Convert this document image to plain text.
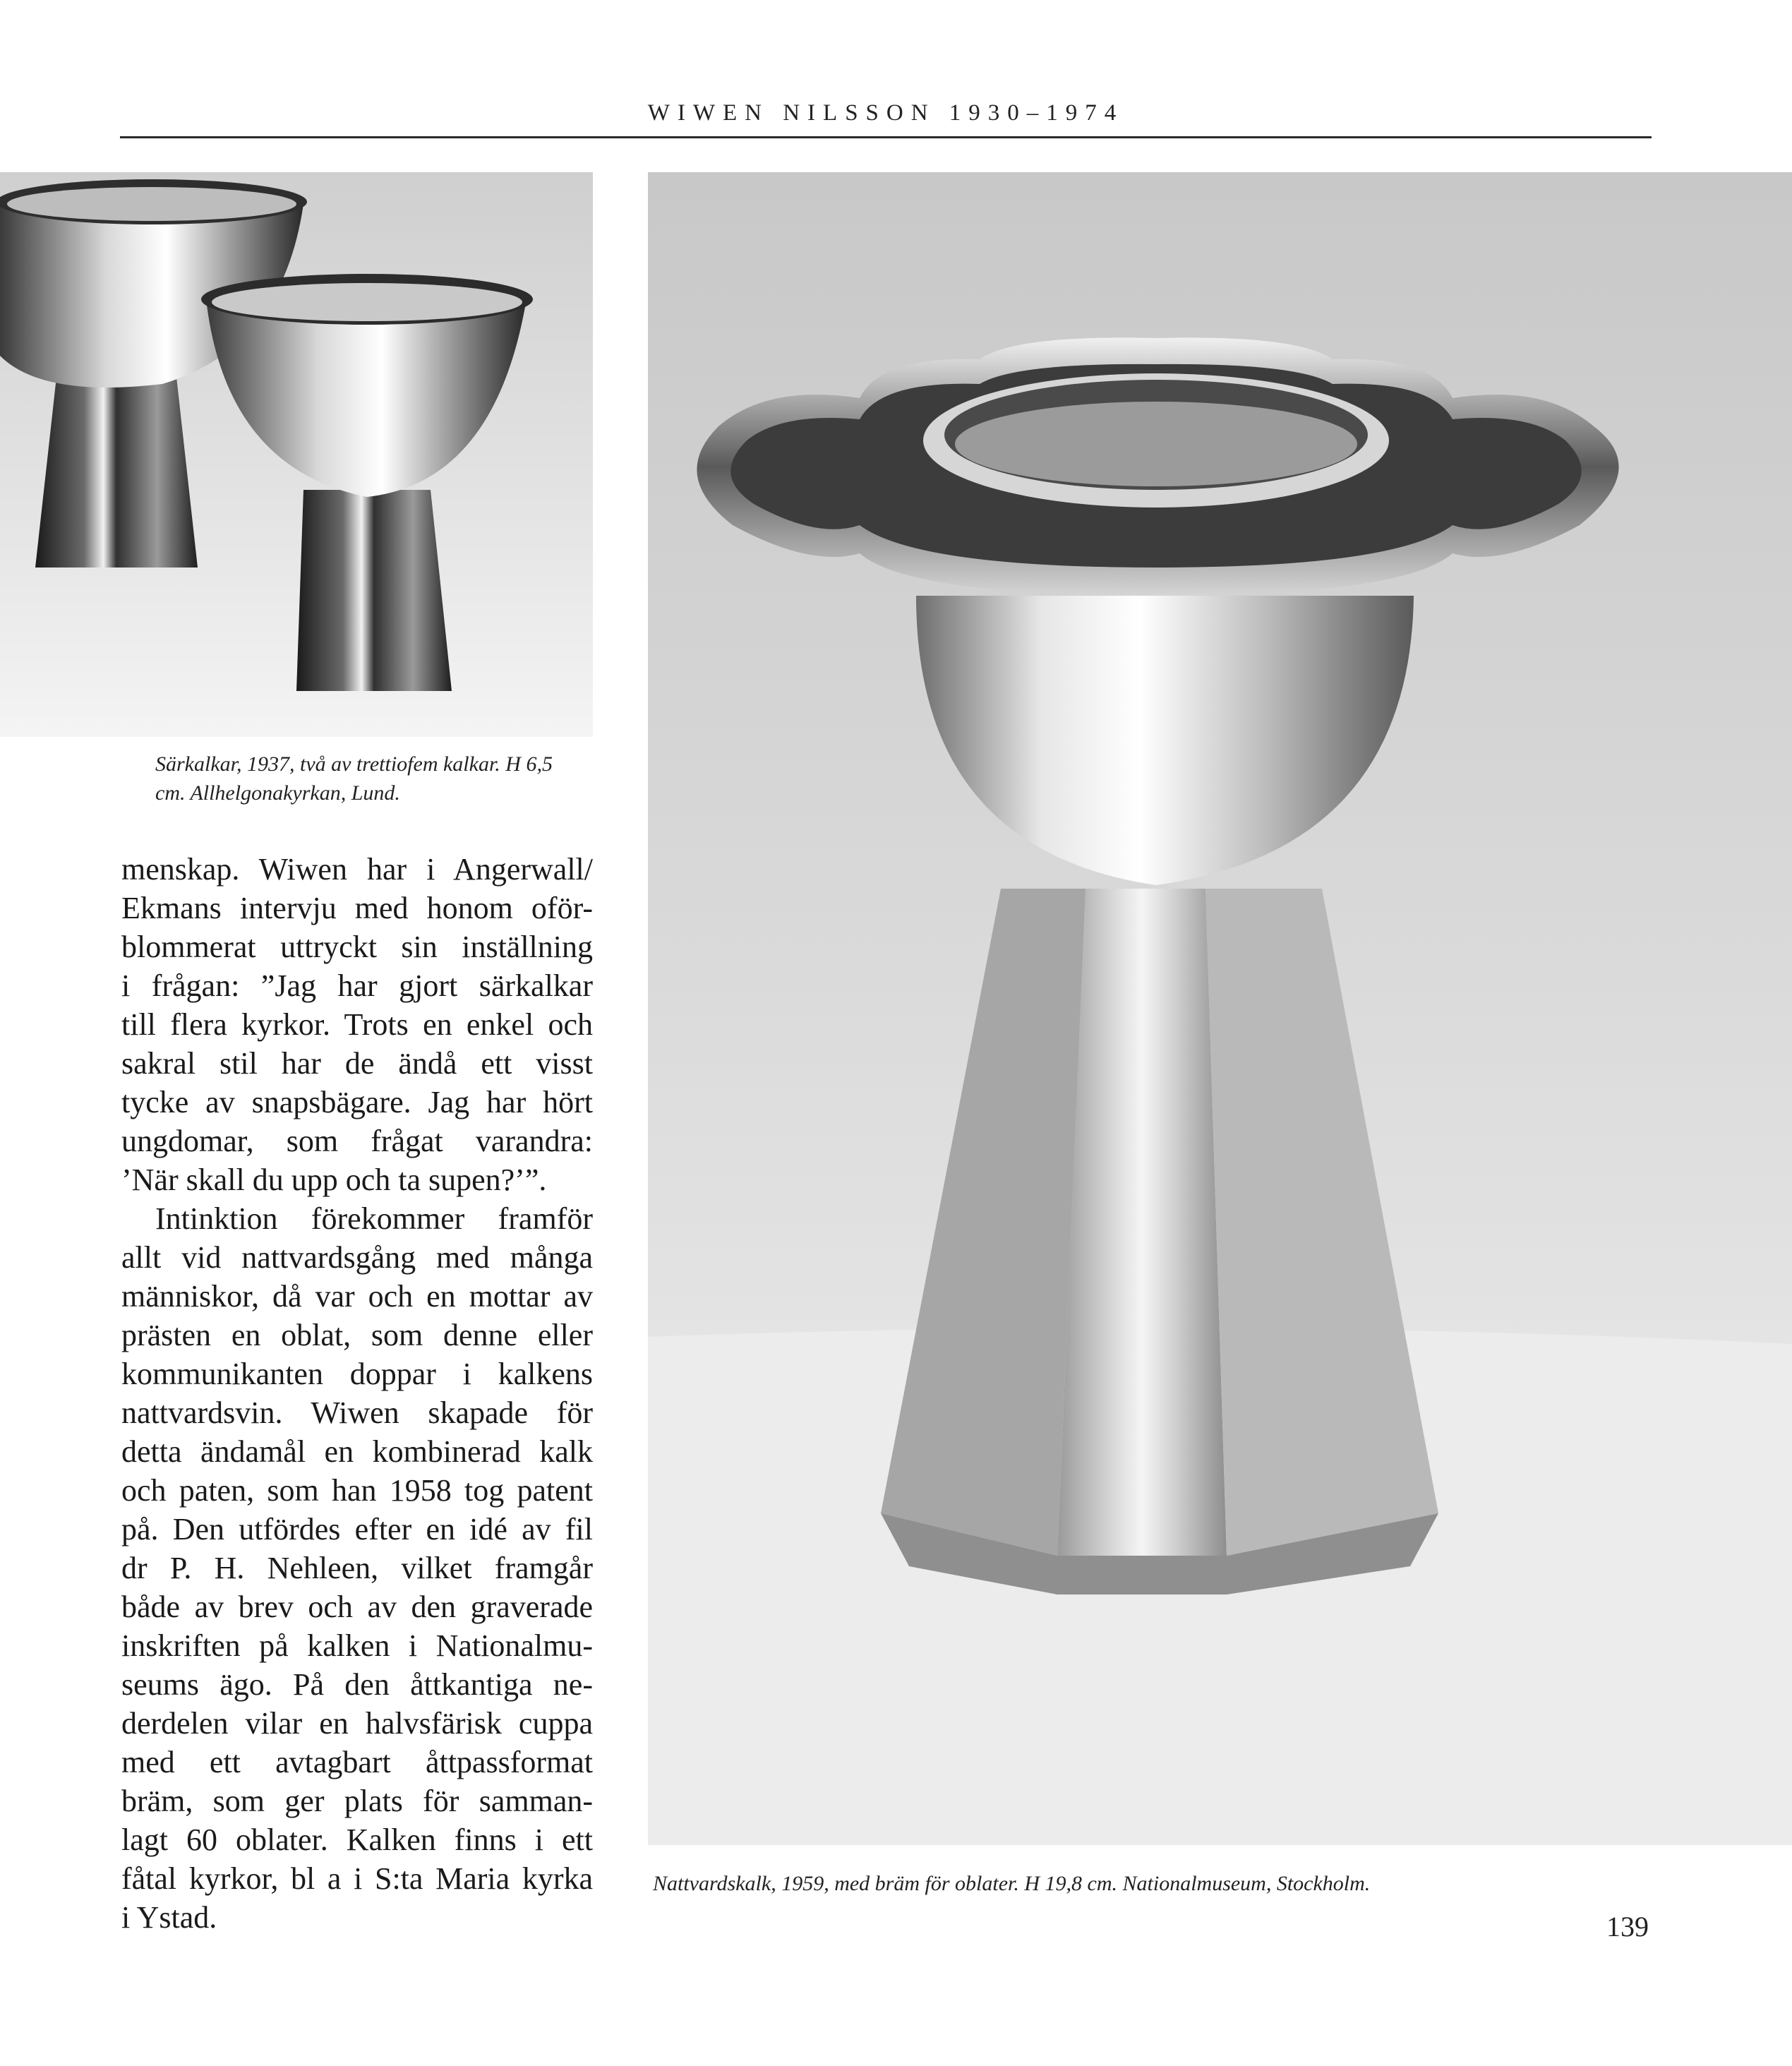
WIWEN NILSSON 1930–1974
Särkalkar, 1937, två av trettiofem kalkar. H 6,5
cm. Allhelgonakyrkan, Lund.
Nattvardskalk, 1959, med bräm för oblater. H 19,8 cm. Nationalmuseum, Stockholm.
menskap. Wiwen har i Angerwall/
Ekmans intervju med honom oför-
blommerat uttryckt sin inställning
i frågan: ”Jag har gjort särkalkar
till flera kyrkor. Trots en enkel och
sakral stil har de ändå ett visst
tycke av snapsbägare. Jag har hört
ungdomar, som frågat varandra:
’När skall du upp och ta supen?’”.
Intinktion förekommer framför
allt vid nattvardsgång med många
människor, då var och en mottar av
prästen en oblat, som denne eller
kommunikanten doppar i kalkens
nattvardsvin. Wiwen skapade för
detta ändamål en kombinerad kalk
och paten, som han 1958 tog patent
på. Den utfördes efter en idé av fil
dr P. H. Nehleen, vilket framgår
både av brev och av den graverade
inskriften på kalken i Nationalmu-
seums ägo. På den åttkantiga ne-
derdelen vilar en halvsfärisk cuppa
med ett avtagbart åttpassformat
bräm, som ger plats för samman-
lagt 60 oblater. Kalken finns i ett
fåtal kyrkor, bl a i S:ta Maria kyrka
i Ystad.	139
